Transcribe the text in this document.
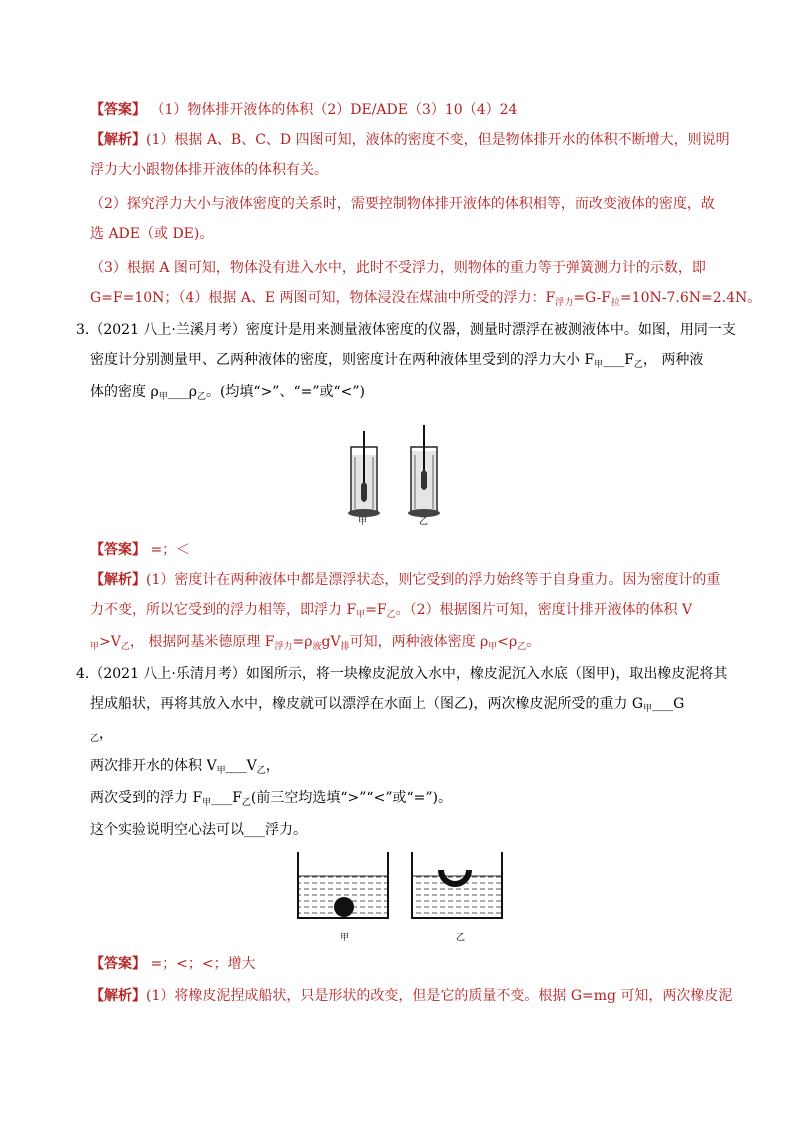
【答案】 （1）物体排开液体的体积（2）DE/ADE（3）10（4）24
【解析】(1）根据 A、B、C、D 四图可知，液体的密度不变，但是物体排开水的体积不断增大，则说明
浮力大小跟物体排开液体的体积有关。
（2）探究浮力大小与液体密度的关系时，需要控制物体排开液体的体积相等，而改变液体的密度，故
选 ADE（或 DE)。
（3）根据 A 图可知，物体没有进入水中，此时不受浮力，则物体的重力等于弹簧测力计的示数，即
G=F=10N；（4）根据 A、E 两图可知，物体浸没在煤油中所受的浮力：$F_{浮力}=G-F_拉=10N-7.6N=2.4N$。
3.（2021 八上·兰溪月考）密度计是用来测量液体密度的仪器，测量时漂浮在被测液体中。如图，用同一支
密度计分别测量甲、乙两种液体的密度，则密度计在两种液体里受到的浮力大小 $F_甲\_\_\_F_乙$， 两种液
体的密度 $\rho_甲\_\_\_\rho_乙$。(均填“>”、“=”或“<”)
甲	乙
【答案】 =；＜
【解析】(1）密度计在两种液体中都是漂浮状态，则它受到的浮力始终等于自身重力。因为密度计的重
力不变，所以它受到的浮力相等，即浮力 $F_甲=F_乙$。（2）根据图片可知，密度计排开液体的体积 V
$_甲>V_乙$， 根据阿基米德原理 $F_{浮力}=\rho_液gV_排$可知，两种液体密度 $\rho_甲<\rho_乙$。
4.（2021 八上·乐清月考）如图所示，将一块橡皮泥放入水中，橡皮泥沉入水底（图甲)，取出橡皮泥将其
捏成船状，再将其放入水中，橡皮就可以漂浮在水面上（图乙)，两次橡皮泥所受的重力 $G_甲\_\_\_G$
$_乙$，
两次排开水的体积 $V_甲\_\_\_V_乙$，
两次受到的浮力 $F_甲\_\_\_F_乙$(前三空均选填“>”“<”或“=”)。
这个实验说明空心法可以___浮力。
甲	乙
【答案】 =；<；<；增大
【解析】(1）将橡皮泥捏成船状，只是形状的改变，但是它的质量不变。根据 G=mg 可知，两次橡皮泥
